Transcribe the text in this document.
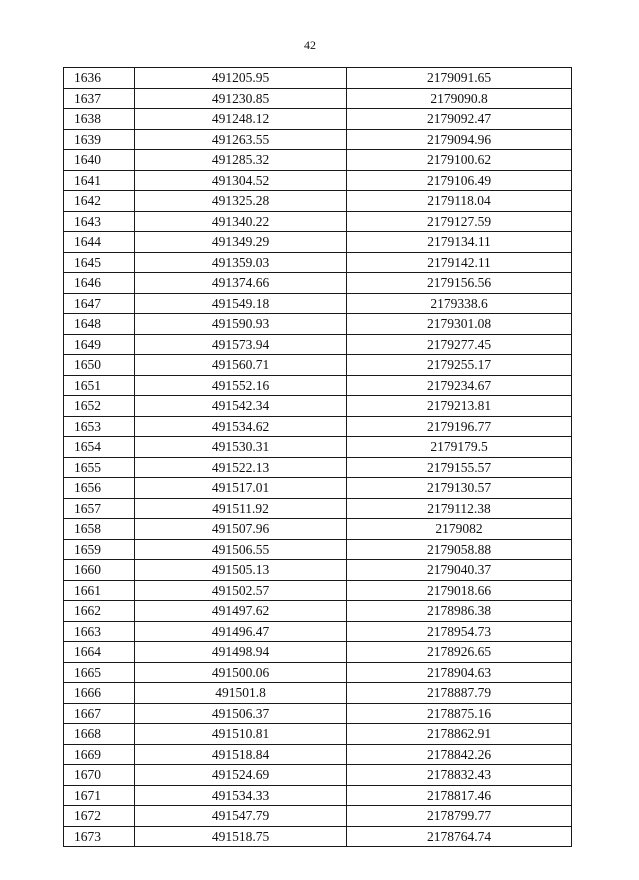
42
1636	491205.95	2179091.65
1637	491230.85	2179090.8
1638	491248.12	2179092.47
1639	491263.55	2179094.96
1640	491285.32	2179100.62
1641	491304.52	2179106.49
1642	491325.28	2179118.04
1643	491340.22	2179127.59
1644	491349.29	2179134.11
1645	491359.03	2179142.11
1646	491374.66	2179156.56
1647	491549.18	2179338.6
1648	491590.93	2179301.08
1649	491573.94	2179277.45
1650	491560.71	2179255.17
1651	491552.16	2179234.67
1652	491542.34	2179213.81
1653	491534.62	2179196.77
1654	491530.31	2179179.5
1655	491522.13	2179155.57
1656	491517.01	2179130.57
1657	491511.92	2179112.38
1658	491507.96	2179082
1659	491506.55	2179058.88
1660	491505.13	2179040.37
1661	491502.57	2179018.66
1662	491497.62	2178986.38
1663	491496.47	2178954.73
1664	491498.94	2178926.65
1665	491500.06	2178904.63
1666	491501.8	2178887.79
1667	491506.37	2178875.16
1668	491510.81	2178862.91
1669	491518.84	2178842.26
1670	491524.69	2178832.43
1671	491534.33	2178817.46
1672	491547.79	2178799.77
1673	491518.75	2178764.74
